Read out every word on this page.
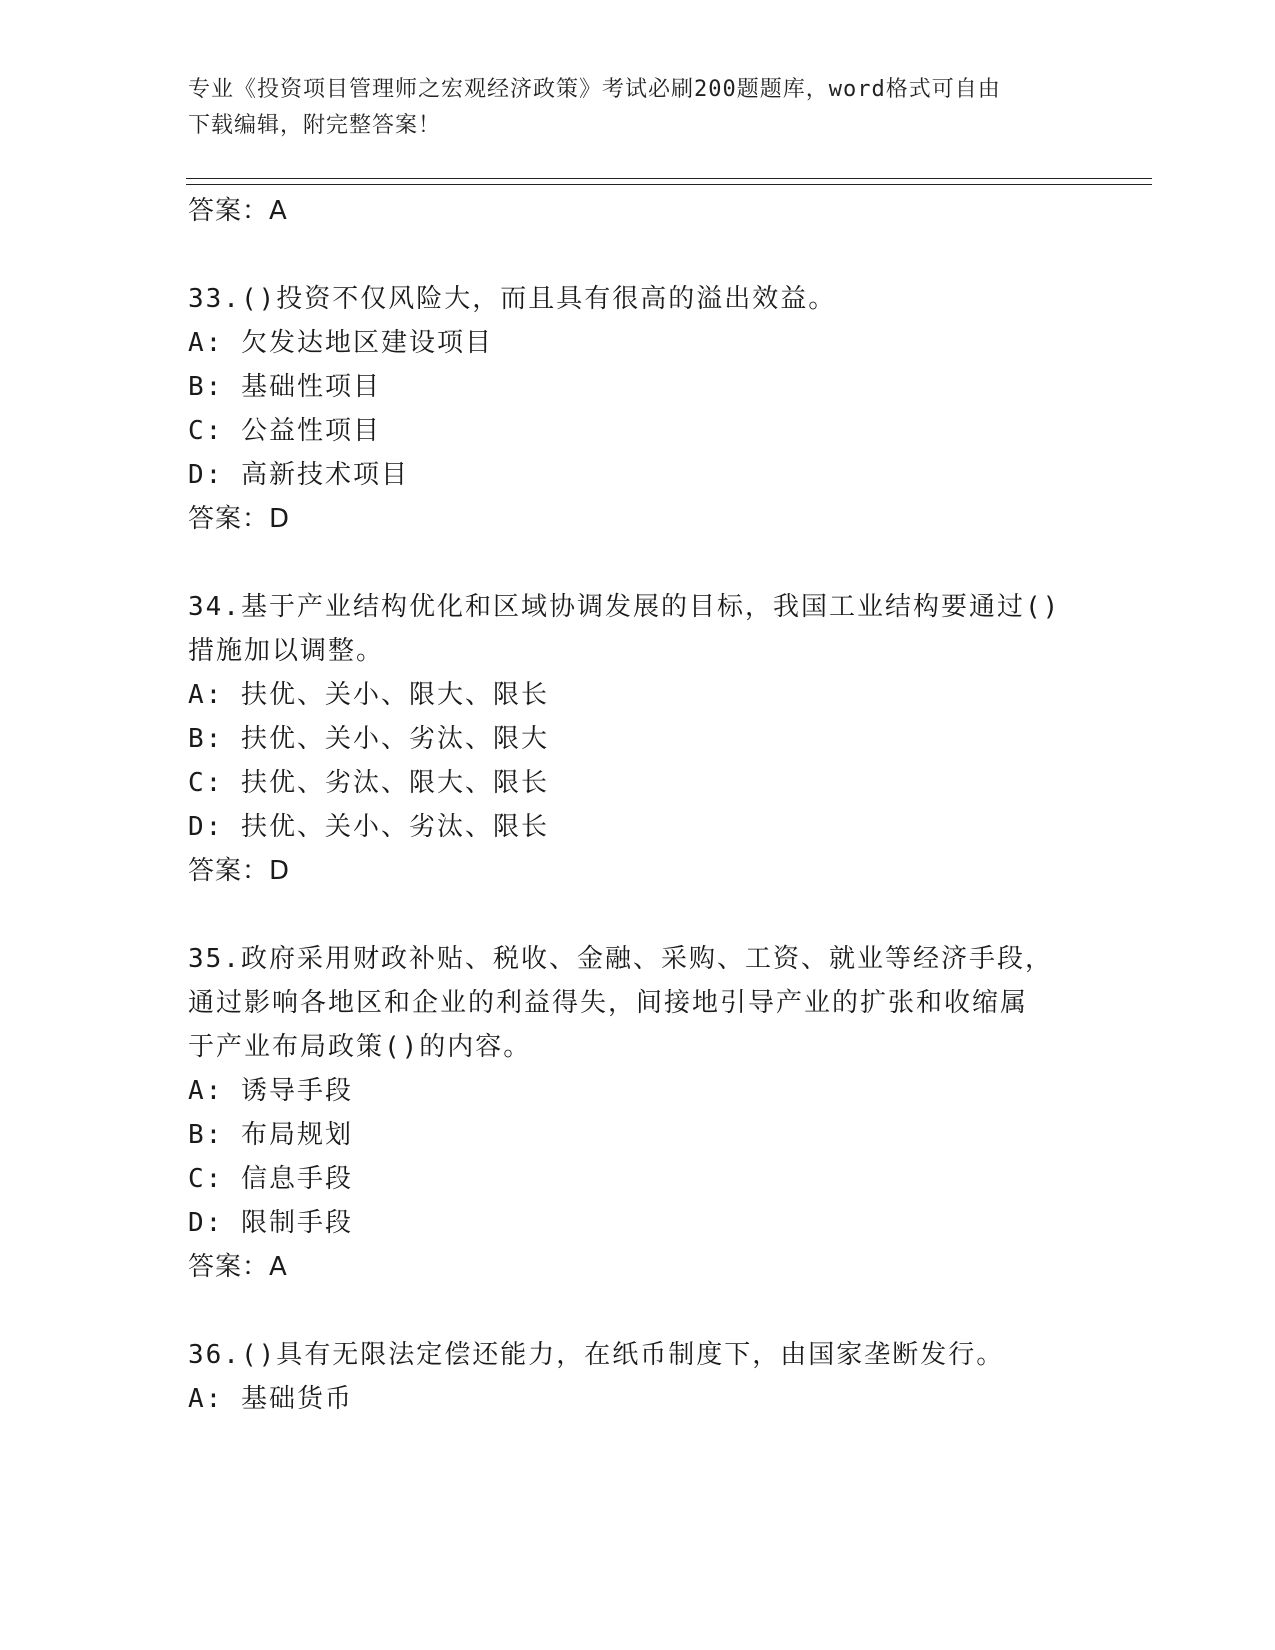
专业《投资项目管理师之宏观经济政策》考试必刷200题题库，word格式可自由
下载编辑，附完整答案！
答案：A
33.()投资不仅风险大，而且具有很高的溢出效益。
A: 欠发达地区建设项目
B: 基础性项目
C: 公益性项目
D: 高新技术项目
答案：D
34.基于产业结构优化和区域协调发展的目标，我国工业结构要通过()
措施加以调整。
A: 扶优、关小、限大、限长
B: 扶优、关小、劣汰、限大
C: 扶优、劣汰、限大、限长
D: 扶优、关小、劣汰、限长
答案：D
35.政府采用财政补贴、税收、金融、采购、工资、就业等经济手段，
通过影响各地区和企业的利益得失，间接地引导产业的扩张和收缩属
于产业布局政策()的内容。
A: 诱导手段
B: 布局规划
C: 信息手段
D: 限制手段
答案：A
36.()具有无限法定偿还能力，在纸币制度下，由国家垄断发行。
A: 基础货币
